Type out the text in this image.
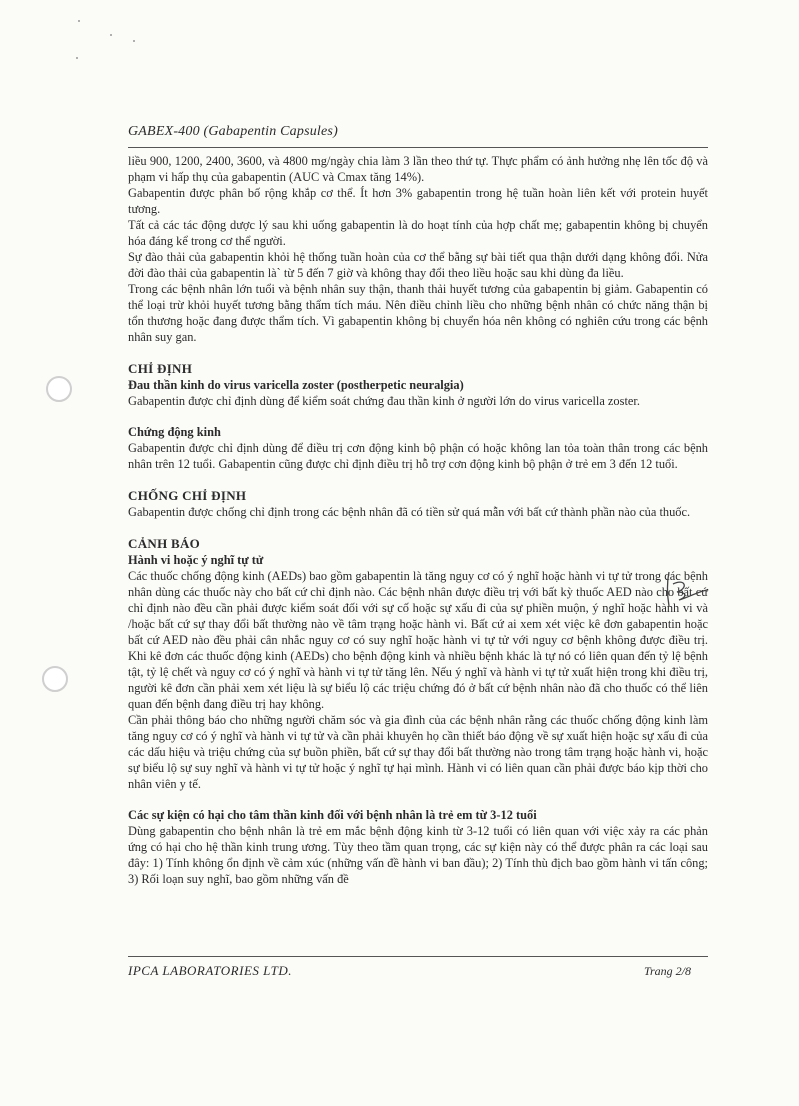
GABEX-400 (Gabapentin Capsules)

liều 900, 1200, 2400, 3600, và 4800 mg/ngày chia làm 3 lần theo thứ tự. Thực phẩm có ảnh hưởng nhẹ lên tốc độ và phạm vi hấp thụ của gabapentin (AUC và Cmax tăng 14%).

Gabapentin được phân bố rộng khắp cơ thể. Ít hơn 3% gabapentin trong hệ tuần hoàn liên kết với protein huyết tương.

Tất cả các tác động dược lý sau khi uống gabapentin là do hoạt tính của hợp chất mẹ; gabapentin không bị chuyển hóa đáng kể trong cơ thể người.

Sự đào thải của gabapentin khỏi hệ thống tuần hoàn của cơ thể bằng sự bài tiết qua thận dưới dạng không đổi. Nửa đời đào thải của gabapentin là` từ 5 đến 7 giờ và không thay đổi theo liều hoặc sau khi dùng đa liều.

Trong các bệnh nhân lớn tuổi và bệnh nhân suy thận, thanh thải huyết tương của gabapentin bị giảm. Gabapentin có thể loại trừ khỏi huyết tương bằng thẩm tích máu. Nên điều chỉnh liều cho những bệnh nhân có chức năng thận bị tổn thương hoặc đang được thẩm tích. Vì gabapentin không bị chuyển hóa nên không có nghiên cứu trong các bệnh nhân suy gan.

CHỈ ĐỊNH

Đau thần kinh do virus varicella zoster (postherpetic neuralgia)

Gabapentin được chỉ định dùng để kiểm soát chứng đau thần kinh ở người lớn do virus varicella zoster.

Chứng động kinh

Gabapentin được chỉ định dùng để điều trị cơn động kinh bộ phận có hoặc không lan tỏa toàn thân trong các bệnh nhân trên 12 tuổi. Gabapentin cũng được chỉ định điều trị hỗ trợ cơn động kinh bộ phận ở trẻ em 3 đến 12 tuổi.

CHỐNG CHỈ ĐỊNH

Gabapentin được chống chỉ định trong các bệnh nhân đã có tiền sử quá mẫn với bất cứ thành phần nào của thuốc.

CẢNH BÁO

Hành vi hoặc ý nghĩ tự tử

Các thuốc chống động kinh (AEDs) bao gồm gabapentin là tăng nguy cơ có ý nghĩ hoặc hành vi tự tử trong các bệnh nhân dùng các thuốc này cho bất cứ chỉ định nào. Các bệnh nhân được điều trị với bất kỳ thuốc AED nào cho bất cứ chỉ định nào đều cần phải được kiểm soát đối với sự cố hoặc sự xấu đi của sự phiền muộn, ý nghĩ hoặc hành vi và /hoặc bất cứ sự thay đổi bất thường nào về tâm trạng hoặc hành vi. Bất cứ ai xem xét việc kê đơn gabapentin hoặc bất cứ AED nào đều phải cân nhắc nguy cơ có suy nghĩ hoặc hành vi tự tử với nguy cơ bệnh không được điều trị. Khi kê đơn các thuốc động kinh (AEDs) cho bệnh động kinh và nhiều bệnh khác là tự nó có liên quan đến tỷ lệ bệnh tật, tỷ lệ chết và nguy cơ có ý nghĩ và hành vi tự tử tăng lên. Nếu ý nghĩ và hành vi tự tử xuất hiện trong khi điều trị, người kê đơn cần phải xem xét liệu là sự biểu lộ các triệu chứng đó ở bất cứ bệnh nhân nào đã cho thuốc có thể liên quan đến bệnh đang điều trị hay không.

Cần phải thông báo cho những người chăm sóc và gia đình của các bệnh nhân rằng các thuốc chống động kinh làm tăng nguy cơ có ý nghĩ và hành vi tự tử và cần phải khuyên họ cần thiết báo động về sự xuất hiện hoặc sự xấu đi của các dấu hiệu và triệu chứng của sự buồn phiền, bất cứ sự thay đổi bất thường nào trong tâm trạng hoặc hành vi, hoặc sự biểu lộ sự suy nghĩ và hành vi tự tử hoặc ý nghĩ tự hại mình. Hành vi có liên quan cần phải được báo kịp thời cho nhân viên y tế.

Các sự kiện có hại cho tâm thần kinh đối với bệnh nhân là trẻ em từ 3-12 tuổi

Dùng gabapentin cho bệnh nhân là trẻ em mắc bệnh động kinh từ 3-12 tuổi có liên quan với việc xảy ra các phản ứng có hại cho hệ thần kinh trung ương. Tùy theo tầm quan trọng, các sự kiện này có thể được phân ra các loại sau đây: 1) Tính không ổn định về cảm xúc (những vấn đề hành vi ban đầu); 2) Tính thù địch bao gồm hành vi tấn công; 3) Rối loạn suy nghĩ, bao gồm những vấn đề

IPCA LABORATORIES LTD.	Trang 2/8
